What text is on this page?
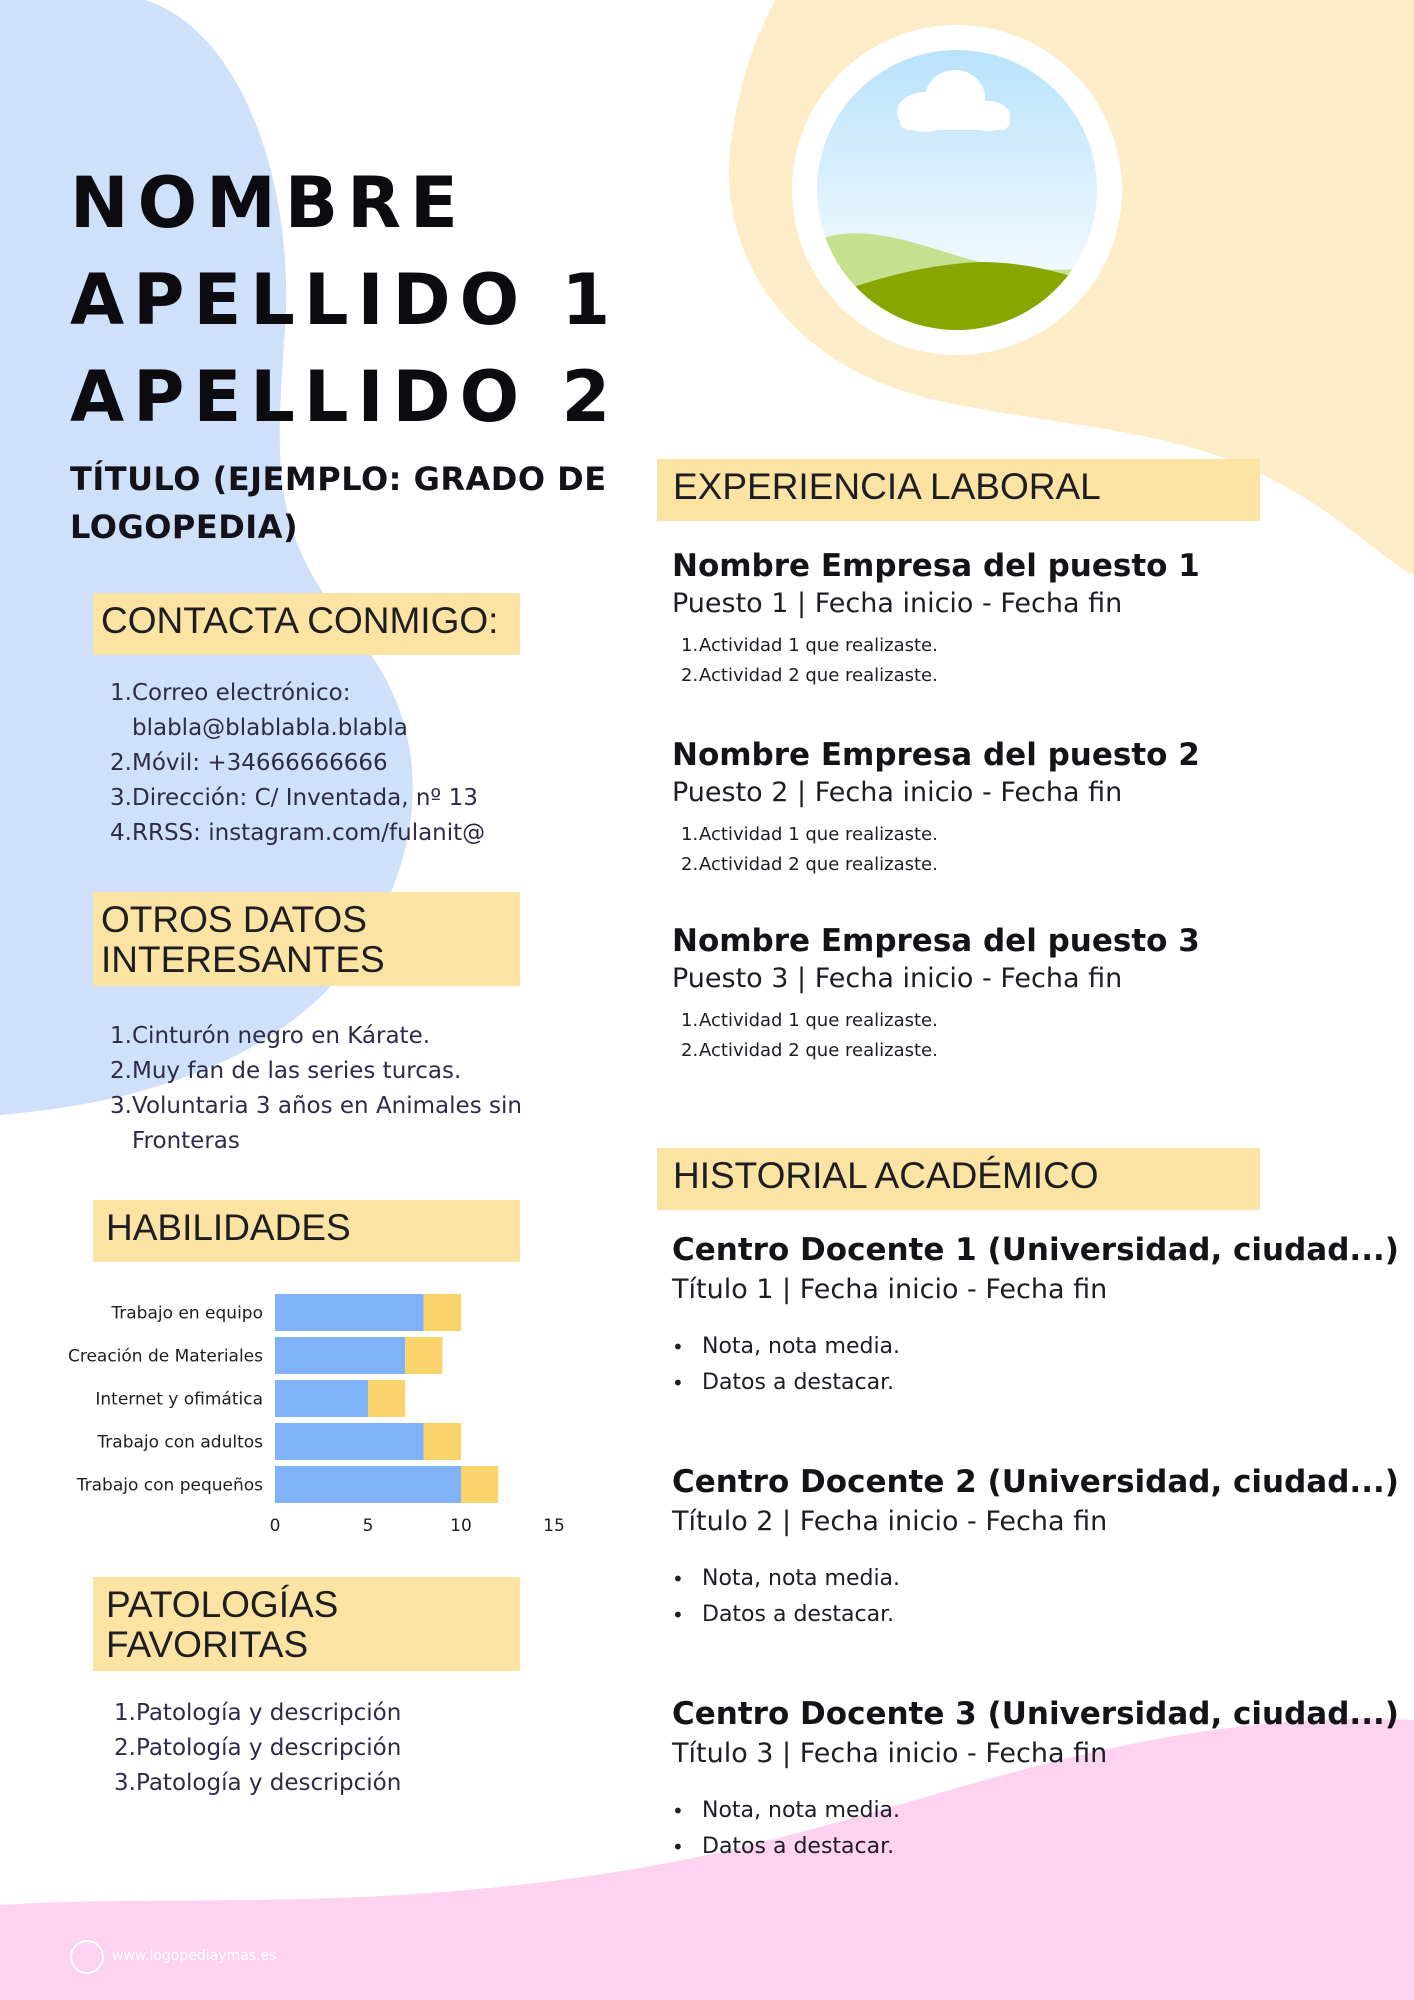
NOMBRE
APELLIDO 1
APELLIDO 2
TÍTULO (EJEMPLO: GRADO DE
LOGOPEDIA)
CONTACTA CONMIGO:
1. Correo electrónico:
blabla@blablabla.blabla
2. Móvil: +34666666666
3. Dirección: C/ Inventada, nº 13
4. RRSS: instagram.com/fulanit@
OTROS DATOS
INTERESANTES
1. Cinturón negro en Kárate.
2. Muy fan de las series turcas.
3. Voluntaria 3 años en Animales sin
Fronteras
HABILIDADES
Trabajo en equipo
Creación de Materiales
Internet y ofimática
Trabajo con adultos
Trabajo con pequeños
0	5	10	15
PATOLOGÍAS
FAVORITAS
1. Patología y descripción
2. Patología y descripción
3. Patología y descripción
EXPERIENCIA LABORAL
Nombre Empresa del puesto 1
Puesto 1 | Fecha inicio - Fecha fin
1. Actividad 1 que realizaste.
2. Actividad 2 que realizaste.
Nombre Empresa del puesto 2
Puesto 2 | Fecha inicio - Fecha fin
1. Actividad 1 que realizaste.
2. Actividad 2 que realizaste.
Nombre Empresa del puesto 3
Puesto 3 | Fecha inicio - Fecha fin
1. Actividad 1 que realizaste.
2. Actividad 2 que realizaste.
HISTORIAL ACADÉMICO
Centro Docente 1 (Universidad, ciudad...)
Título 1 | Fecha inicio - Fecha fin
• Nota, nota media.
• Datos a destacar.
Centro Docente 2 (Universidad, ciudad...)
Título 2 | Fecha inicio - Fecha fin
• Nota, nota media.
• Datos a destacar.
Centro Docente 3 (Universidad, ciudad...)
Título 3 | Fecha inicio - Fecha fin
• Nota, nota media.
• Datos a destacar.
www.logopediaymas.es
